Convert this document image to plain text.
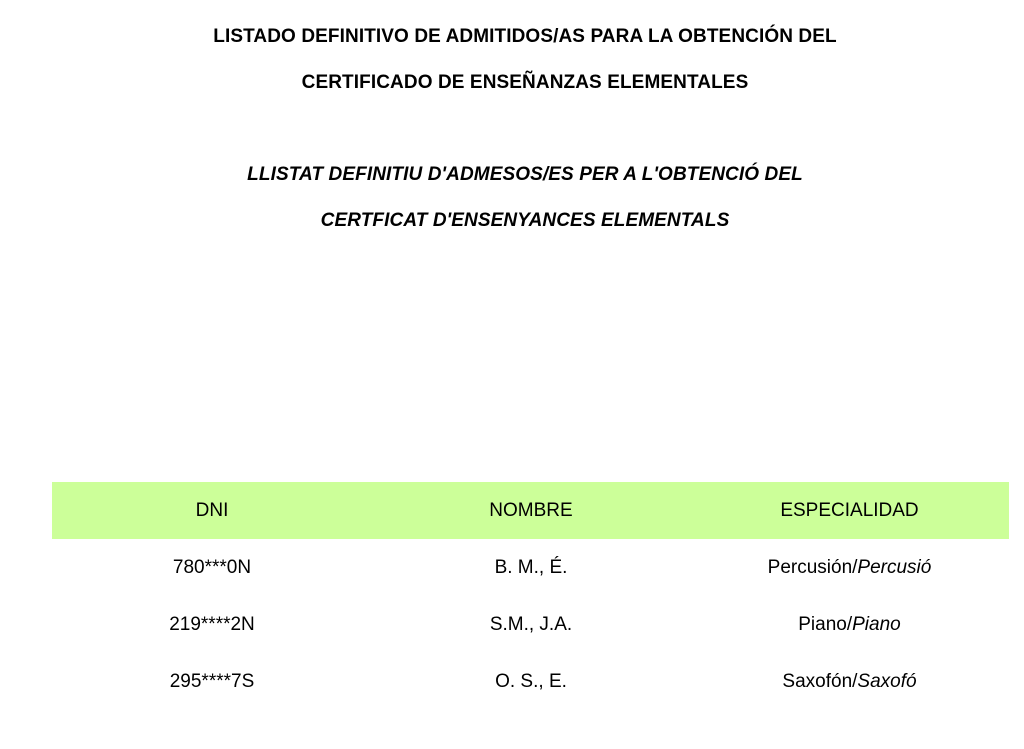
LISTADO DEFINITIVO DE ADMITIDOS/AS PARA LA OBTENCIÓN DEL
CERTIFICADO DE ENSEÑANZAS ELEMENTALES
LLISTAT DEFINITIU D'ADMESOS/ES PER A L'OBTENCIÓ DEL
CERTFICAT D'ENSENYANCES ELEMENTALS
DNI	NOMBRE	ESPECIALIDAD
780***0N	B. M., É.	Percusión/Percusió
219****2N	S.M., J.A.	Piano/Piano
295****7S	O. S., E.	Saxofón/Saxofó
